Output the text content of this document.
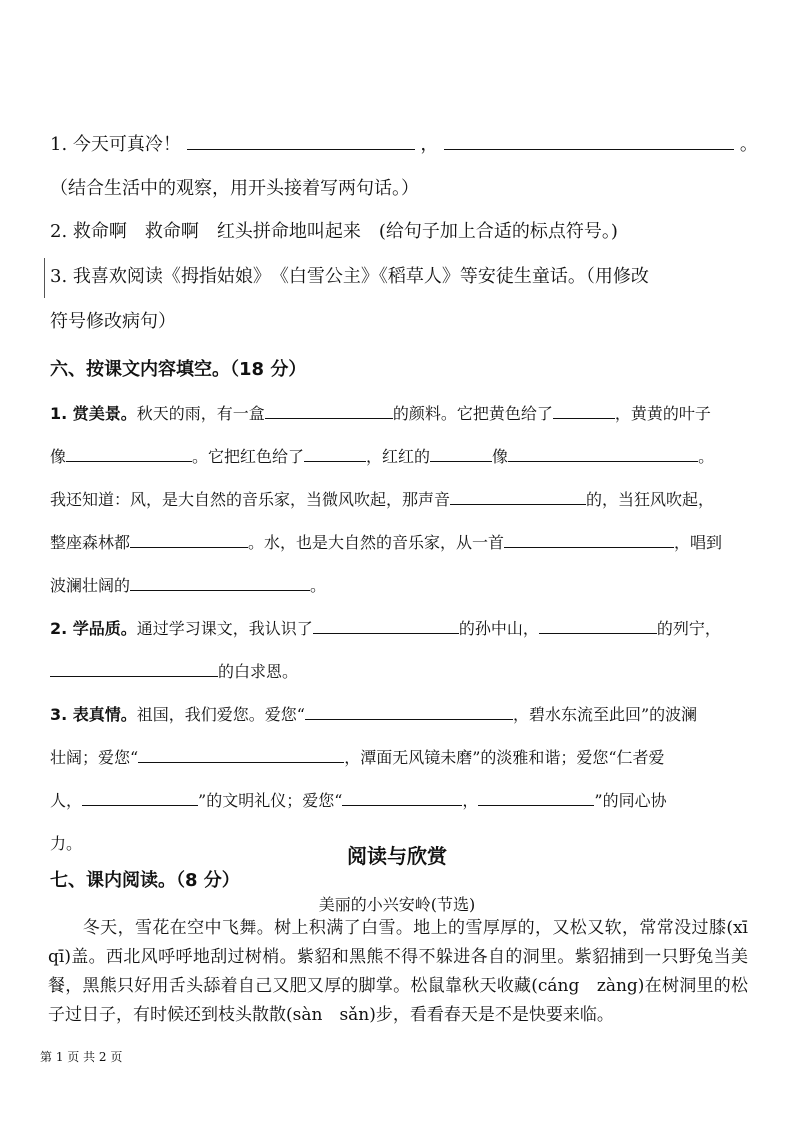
1. 今天可真冷！	，	。
（结合生活中的观察，用开头接着写两句话。）
2. 救命啊　救命啊　红头拼命地叫起来　(给句子加上合适的标点符号。)
3. 我喜欢阅读《拇指姑娘》　《白雪公主》《稻草人》等安徒生童话。（用修改
符号修改病句）
六、按课文内容填空。（18 分）
1. 赏美景。秋天的雨，有一盒	的颜料。它把黄色给了	，黄黄的叶子
像	。它把红色给了	，红红的	像	。
我还知道：风，是大自然的音乐家，当微风吹起，那声音	的，当狂风吹起，
整座森林都	。水，也是大自然的音乐家，从一首	，唱到
波澜壮阔的	。
2. 学品质。通过学习课文，我认识了	的孙中山，	的列宁，
的白求恩。
3. 表真情。祖国，我们爱您。爱您“	，碧水东流至此回”的波澜
壮阔；爱您“	，潭面无风镜未磨”的淡雅和谐；爱您“仁者爱
人，	”的文明礼仪；爱您“	，	”的同心协
力。
阅读与欣赏
七、课内阅读。（8 分）
美丽的小兴安岭(节选)
　　冬天，雪花在空中飞舞。树上积满了白雪。地上的雪厚厚的，又松又软，常常没过膝(xī　qī)盖。西北风呼呼地刮过树梢。紫貂和黑熊不得不躲进各自的洞里。紫貂捕到一只野兔当美餐，黑熊只好用舌头舔着自己又肥又厚的脚掌。松鼠靠秋天收藏(cáng　zàng)在树洞里的松子过日子，有时候还到枝头散散(sàn　sǎn)步，看看春天是不是快要来临。
第 1 页 共 2 页
